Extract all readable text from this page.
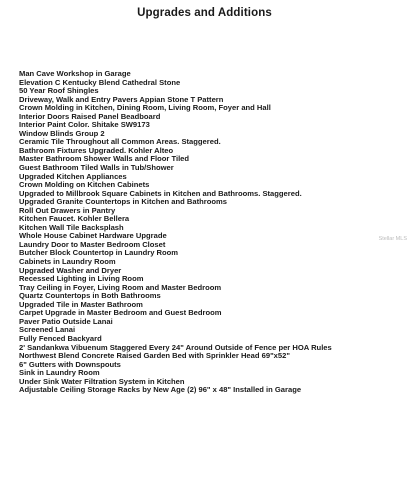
Upgrades and Additions
Man Cave Workshop in Garage
Elevation C Kentucky Blend Cathedral Stone
50 Year Roof Shingles
Driveway, Walk and Entry Pavers Appian Stone T Pattern
Crown Molding in Kitchen, Dining Room, Living Room, Foyer and Hall
Interior Doors Raised Panel Beadboard
Interior Paint Color. Shitake SW9173
Window Blinds Group 2
Ceramic Tile Throughout all Common Areas. Staggered.
Bathroom Fixtures Upgraded. Kohler Alteo
Master Bathroom Shower Walls and Floor Tiled
Guest Bathroom Tiled Walls in Tub/Shower
Upgraded Kitchen Appliances
Crown Molding on Kitchen Cabinets
Upgraded to Millbrook Square Cabinets in Kitchen and Bathrooms. Staggered.
Upgraded Granite Countertops in Kitchen and Bathrooms
Roll Out Drawers in Pantry
Kitchen Faucet. Kohler Bellera
Kitchen Wall Tile Backsplash
Whole House Cabinet Hardware Upgrade
Laundry Door to Master Bedroom Closet
Butcher Block Countertop in Laundry Room
Cabinets in Laundry Room
Upgraded Washer and Dryer
Recessed Lighting in Living Room
Tray Ceiling in Foyer, Living Room and Master Bedroom
Quartz Countertops in Both Bathrooms
Upgraded Tile in Master Bathroom
Carpet Upgrade in Master Bedroom and Guest Bedroom
Paver Patio Outside Lanai
Screened Lanai
Fully Fenced Backyard
2' Sandankwa Vibuenum Staggered Every 24" Around Outside of Fence per HOA Rules
Northwest Blend Concrete Raised Garden Bed with Sprinkler Head 69"x52"
6" Gutters with Downspouts
Sink in Laundry Room
Under Sink Water Filtration System in Kitchen
Adjustable Ceiling Storage Racks by New Age (2) 96" x 48" Installed in Garage
Stellar MLS
